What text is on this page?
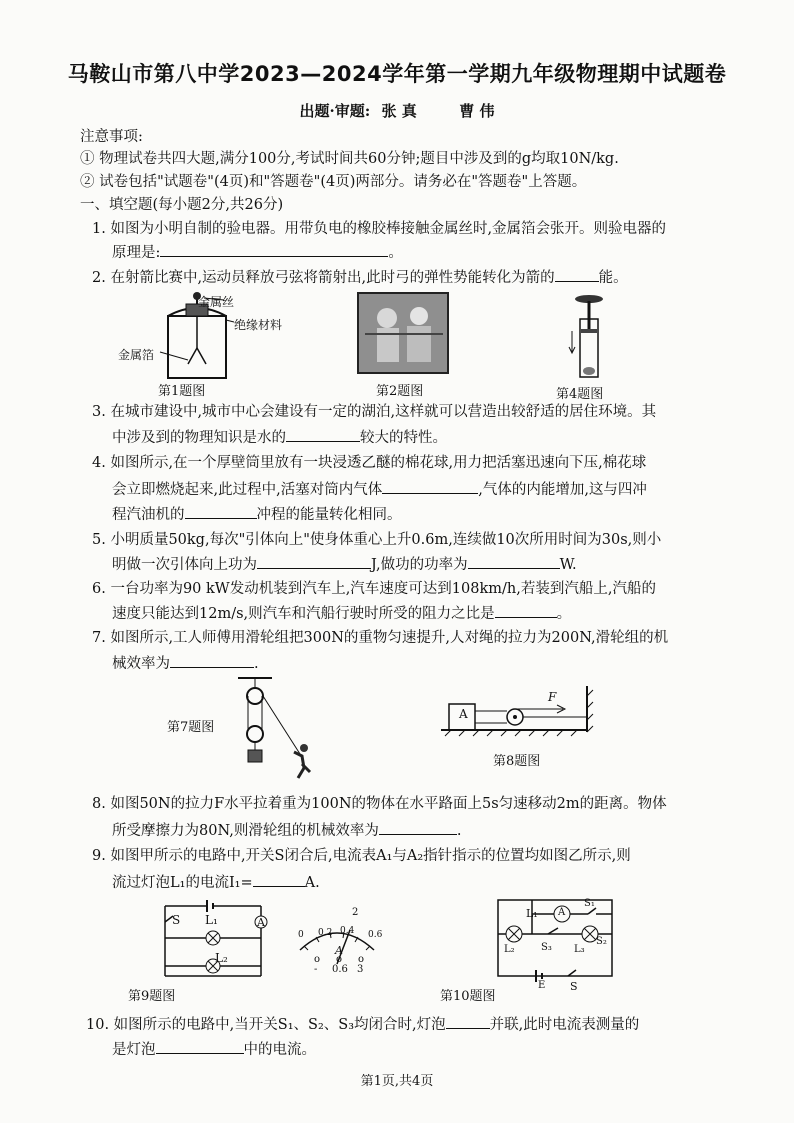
马鞍山市第八中学2023—2024学年第一学期九年级物理期中试题卷
出题·审题: 张 真	曹 伟
注意事项:
① 物理试卷共四大题,满分100分,考试时间共60分钟;题目中涉及到的g均取10N/kg.
② 试卷包括"试题卷"(4页)和"答题卷"(4页)两部分。请务必在"答题卷"上答题。
一、填空题(每小题2分,共26分)
1. 如图为小明自制的验电器。用带负电的橡胶棒接触金属丝时,金属箔会张开。则验电器的
原理是:	。
2. 在射箭比赛中,运动员释放弓弦将箭射出,此时弓的弹性势能转化为箭的	能。
金属丝
绝缘材料
金属箔
第1题图	第2题图	第4题图
3. 在城市建设中,城市中心会建设有一定的湖泊,这样就可以营造出较舒适的居住环境。其
中涉及到的物理知识是水的	较大的特性。
4. 如图所示,在一个厚壁筒里放有一块浸透乙醚的棉花球,用力把活塞迅速向下压,棉花球
会立即燃烧起来,此过程中,活塞对筒内气体	,气体的内能增加,这与四冲
程汽油机的	冲程的能量转化相同。
5. 小明质量50kg,每次"引体向上"使身体重心上升0.6m,连续做10次所用时间为30s,则小
明做一次引体向上功为	J,做功的功率为	W.
6. 一台功率为90 kW发动机装到汽车上,汽车速度可达到108km/h,若装到汽船上,汽船的
速度只能达到12m/s,则汽车和汽船行驶时所受的阻力之比是	。
7. 如图所示,工人师傅用滑轮组把300N的重物匀速提升,人对绳的拉力为200N,滑轮组的机
械效率为	.
第7题图
A
F
第8题图
8. 如图50N的拉力F水平拉着重为100N的物体在水平路面上5s匀速移动2m的距离。物体
所受摩擦力为80N,则滑轮组的机械效率为	.
9. 如图甲所示的电路中,开关S闭合后,电流表A₁与A₂指针指示的位置均如图乙所示,则
流过灯泡L₁的电流I₁=	A.
S L₁	A
L₂
2
0 0.2 0.4 0.6
A
o o o
- 0.6 3
第9题图
L₁ A
S₁
S₃
L₂	L₃
S₂
E S
第10题图
10. 如图所示的电路中,当开关S₁、S₂、S₃均闭合时,灯泡	并联,此时电流表测量的
是灯泡	中的电流。
第1页,共4页
